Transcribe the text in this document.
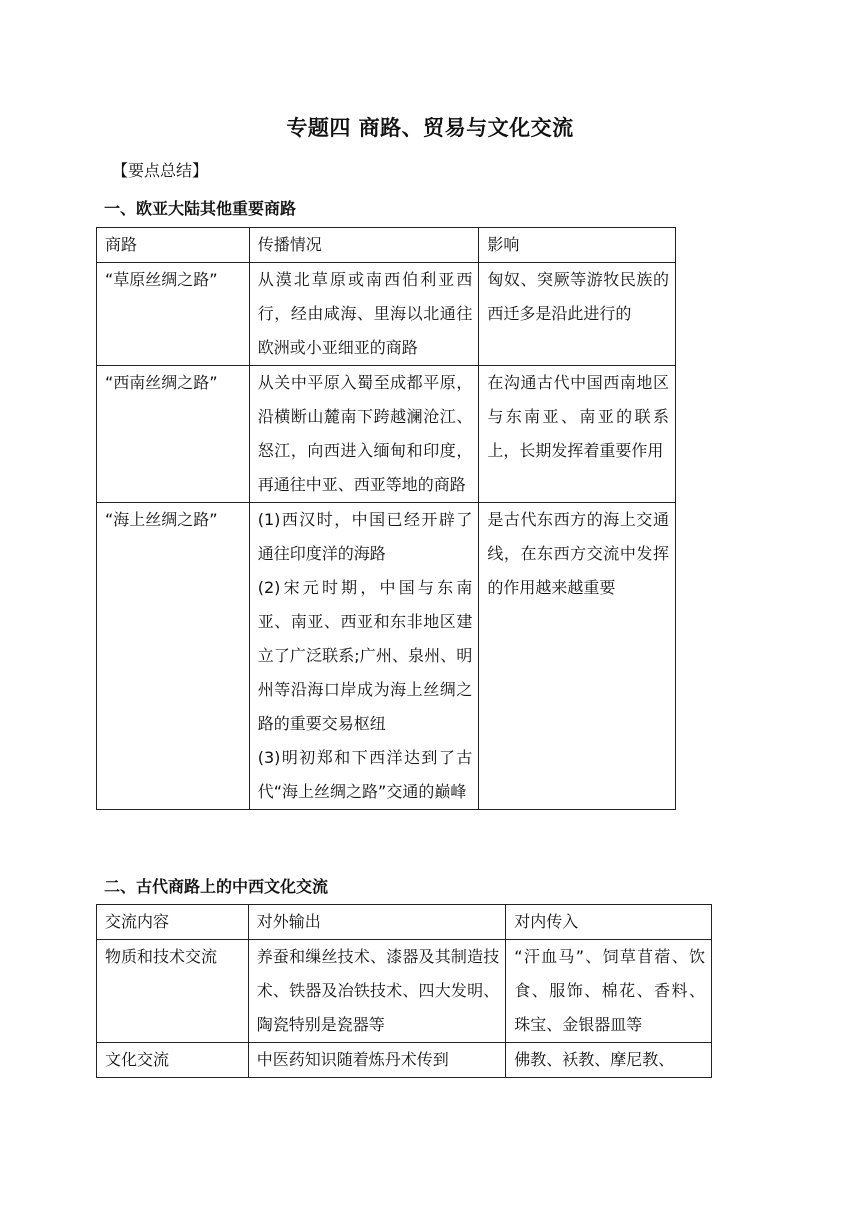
专题四 商路、贸易与文化交流
【要点总结】
一、欧亚大陆其他重要商路
商路	传播情况	影响
“草原丝绸之路”	从漠北草原或南西伯利亚西行，经由咸海、里海以北通往欧洲或小亚细亚的商路	匈奴、突厥等游牧民族的西迁多是沿此进行的
“西南丝绸之路”	从关中平原入蜀至成都平原，沿横断山麓南下跨越澜沧江、怒江，向西进入缅甸和印度，再通往中亚、西亚等地的商路	在沟通古代中国西南地区与东南亚、南亚的联系上，长期发挥着重要作用
“海上丝绸之路”	(1)西汉时，中国已经开辟了通往印度洋的海路
(2)宋元时期，中国与东南亚、南亚、西亚和东非地区建立了广泛联系;广州、泉州、明州等沿海口岸成为海上丝绸之路的重要交易枢纽
(3)明初郑和下西洋达到了古代“海上丝绸之路”交通的巅峰	是古代东西方的海上交通线，在东西方交流中发挥的作用越来越重要
二、古代商路上的中西文化交流
交流内容	对外输出	对内传入
物质和技术交流	养蚕和缫丝技术、漆器及其制造技术、铁器及冶铁技术、四大发明、陶瓷特别是瓷器等	“汗血马”、饲草苜蓿、饮食、服饰、棉花、香料、珠宝、金银器皿等
文化交流	中医药知识随着炼丹术传到	佛教、袄教、摩尼教、
